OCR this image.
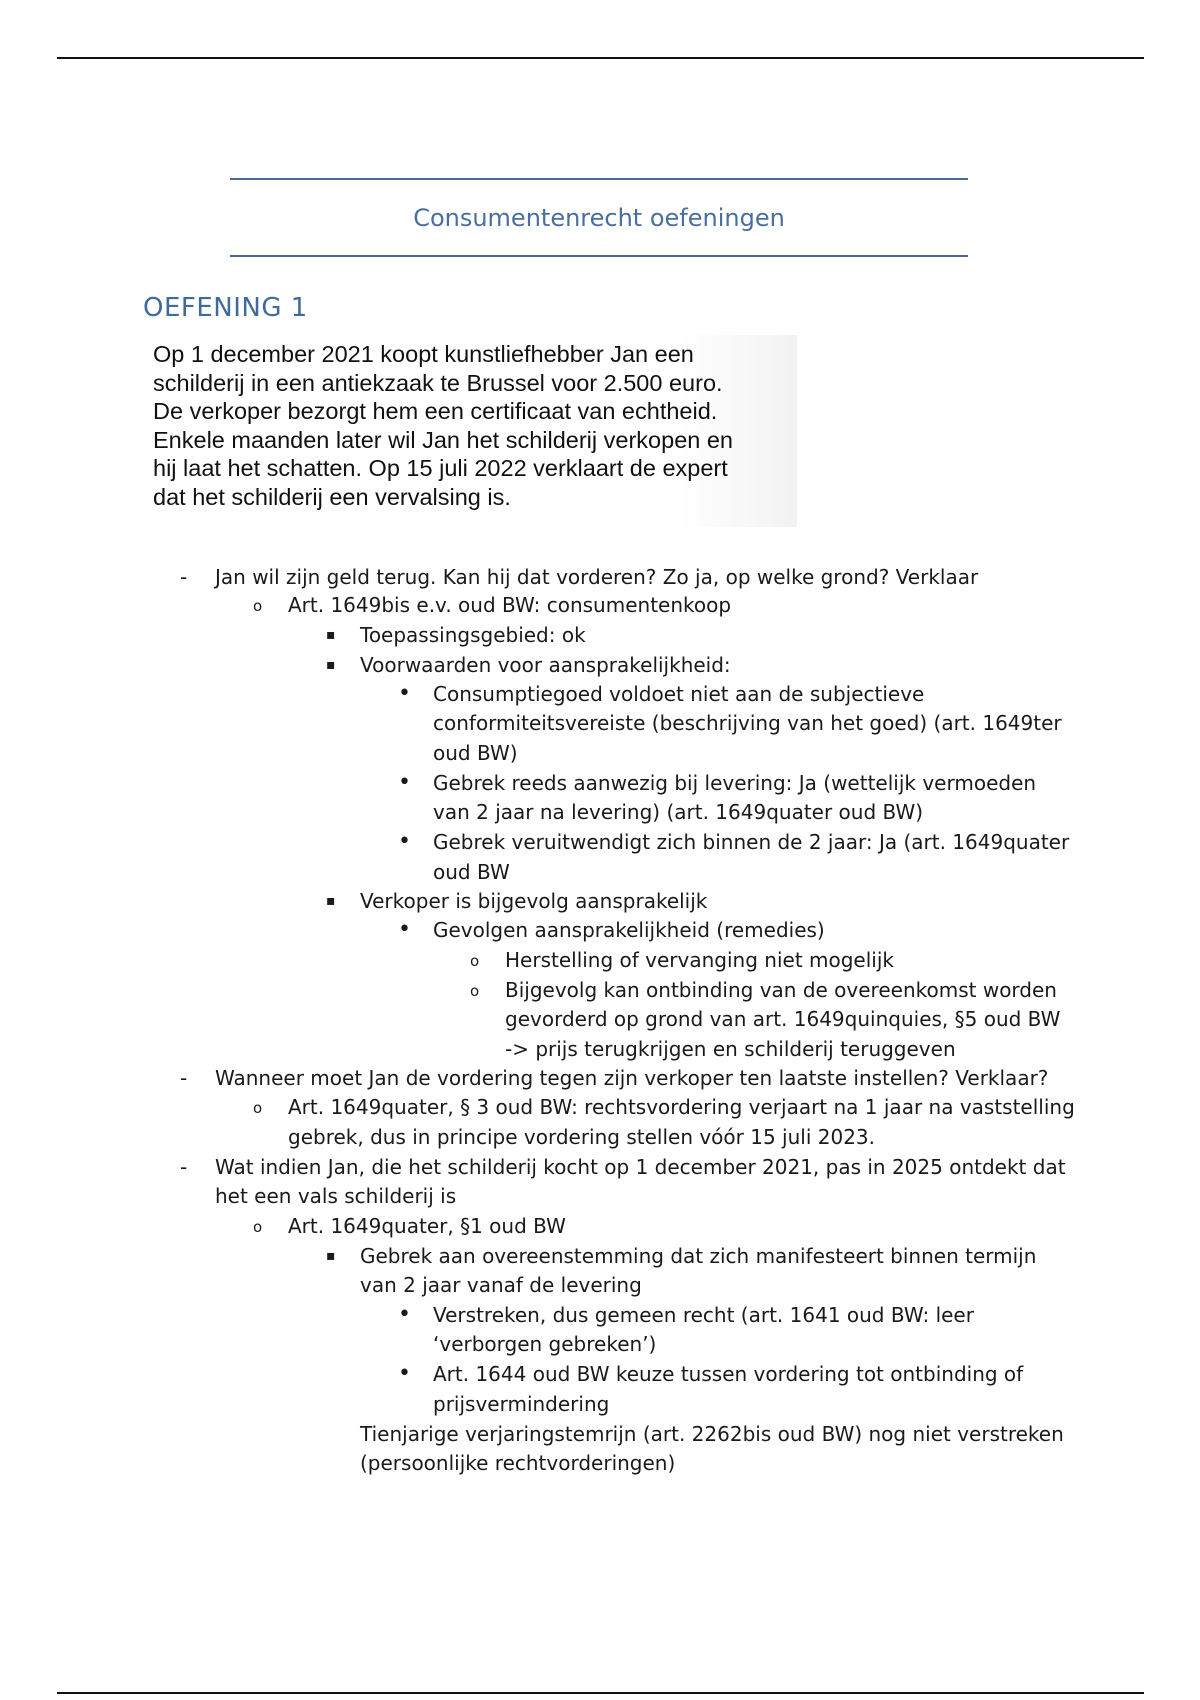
Consumentenrecht oefeningen
OEFENING 1
Op 1 december 2021 koopt kunstliefhebber Jan een
schilderij in een antiekzaak te Brussel voor 2.500 euro.
De verkoper bezorgt hem een certificaat van echtheid.
Enkele maanden later wil Jan het schilderij verkopen en
hij laat het schatten. Op 15 juli 2022 verklaart de expert
dat het schilderij een vervalsing is.
- Jan wil zijn geld terug. Kan hij dat vorderen? Zo ja, op welke grond? Verklaar
o Art. 1649bis e.v. oud BW: consumentenkoop
▪ Toepassingsgebied: ok
▪ Voorwaarden voor aansprakelijkheid:
• Consumptiegoed voldoet niet aan de subjectieve
conformiteitsvereiste (beschrijving van het goed) (art. 1649ter
oud BW)
• Gebrek reeds aanwezig bij levering: Ja (wettelijk vermoeden
van 2 jaar na levering) (art. 1649quater oud BW)
• Gebrek veruitwendigt zich binnen de 2 jaar: Ja (art. 1649quater
oud BW
▪ Verkoper is bijgevolg aansprakelijk
• Gevolgen aansprakelijkheid (remedies)
o Herstelling of vervanging niet mogelijk
o Bijgevolg kan ontbinding van de overeenkomst worden
gevorderd op grond van art. 1649quinquies, §5 oud BW
-> prijs terugkrijgen en schilderij teruggeven
- Wanneer moet Jan de vordering tegen zijn verkoper ten laatste instellen? Verklaar?
o Art. 1649quater, § 3 oud BW: rechtsvordering verjaart na 1 jaar na vaststelling
gebrek, dus in principe vordering stellen vóór 15 juli 2023.
- Wat indien Jan, die het schilderij kocht op 1 december 2021, pas in 2025 ontdekt dat
het een vals schilderij is
o Art. 1649quater, §1 oud BW
▪ Gebrek aan overeenstemming dat zich manifesteert binnen termijn
van 2 jaar vanaf de levering
• Verstreken, dus gemeen recht (art. 1641 oud BW: leer
‘verborgen gebreken’)
• Art. 1644 oud BW keuze tussen vordering tot ontbinding of
prijsvermindering
Tienjarige verjaringstemrijn (art. 2262bis oud BW) nog niet verstreken
(persoonlijke rechtvorderingen)
